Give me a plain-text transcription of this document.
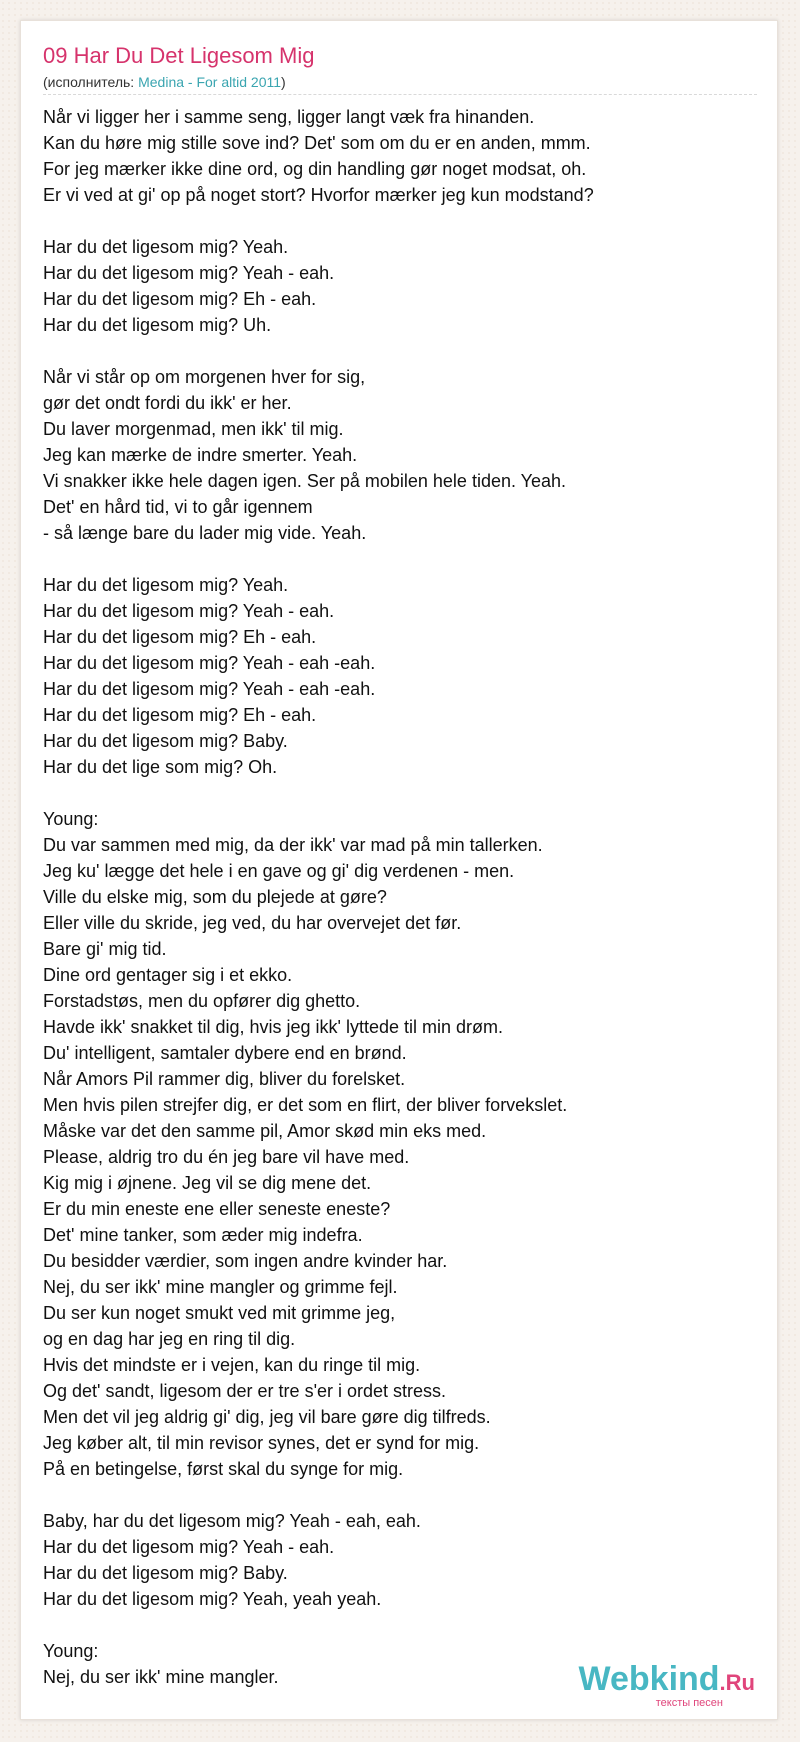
09 Har Du Det Ligesom Mig
(исполнитель: Medina - For altid 2011)
Når vi ligger her i samme seng, ligger langt væk fra hinanden.
Kan du høre mig stille sove ind? Det' som om du er en anden, mmm.
For jeg mærker ikke dine ord, og din handling gør noget modsat, oh.
Er vi ved at gi' op på noget stort? Hvorfor mærker jeg kun modstand?
Har du det ligesom mig? Yeah.
Har du det ligesom mig? Yeah - eah.
Har du det ligesom mig? Eh - eah.
Har du det ligesom mig? Uh.
Når vi står op om morgenen hver for sig,
gør det ondt fordi du ikk' er her.
Du laver morgenmad, men ikk' til mig.
Jeg kan mærke de indre smerter. Yeah.
Vi snakker ikke hele dagen igen. Ser på mobilen hele tiden. Yeah.
Det' en hård tid, vi to går igennem
- så længe bare du lader mig vide. Yeah.
Har du det ligesom mig? Yeah.
Har du det ligesom mig? Yeah - eah.
Har du det ligesom mig? Eh - eah.
Har du det ligesom mig? Yeah - eah -eah.
Har du det ligesom mig? Yeah - eah -eah.
Har du det ligesom mig? Eh - eah.
Har du det ligesom mig? Baby.
Har du det lige som mig? Oh.
Young:
Du var sammen med mig, da der ikk' var mad på min tallerken.
Jeg ku' lægge det hele i en gave og gi' dig verdenen - men.
Ville du elske mig, som du plejede at gøre?
Eller ville du skride, jeg ved, du har overvejet det før.
Bare gi' mig tid.
Dine ord gentager sig i et ekko.
Forstadstøs, men du opfører dig ghetto.
Havde ikk' snakket til dig, hvis jeg ikk' lyttede til min drøm.
Du' intelligent, samtaler dybere end en brønd.
Når Amors Pil rammer dig, bliver du forelsket.
Men hvis pilen strejfer dig, er det som en flirt, der bliver forvekslet.
Måske var det den samme pil, Amor skød min eks med.
Please, aldrig tro du én jeg bare vil have med.
Kig mig i øjnene. Jeg vil se dig mene det.
Er du min eneste ene eller seneste eneste?
Det' mine tanker, som æder mig indefra.
Du besidder værdier, som ingen andre kvinder har.
Nej, du ser ikk' mine mangler og grimme fejl.
Du ser kun noget smukt ved mit grimme jeg,
og en dag har jeg en ring til dig.
Hvis det mindste er i vejen, kan du ringe til mig.
Og det' sandt, ligesom der er tre s'er i ordet stress.
Men det vil jeg aldrig gi' dig, jeg vil bare gøre dig tilfreds.
Jeg køber alt, til min revisor synes, det er synd for mig.
På en betingelse, først skal du synge for mig.
Baby, har du det ligesom mig? Yeah - eah, eah.
Har du det ligesom mig? Yeah - eah.
Har du det ligesom mig? Baby.
Har du det ligesom mig? Yeah, yeah yeah.
Young:
Nej, du ser ikk' mine mangler.	Webkind.Ru
тексты песен
